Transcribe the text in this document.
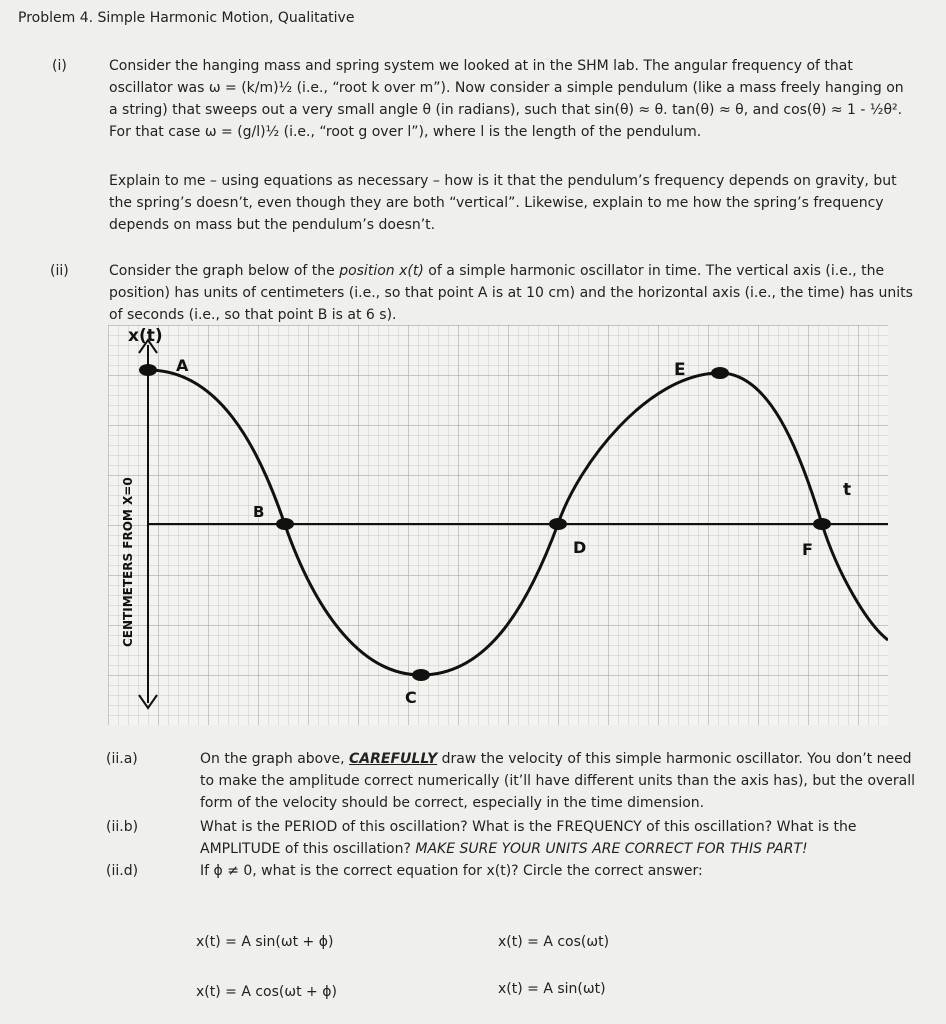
Problem 4. Simple Harmonic Motion, Qualitative
(i)	Consider the hanging mass and spring system we looked at in the SHM lab. The angular frequency of that oscillator was ω = (k/m)½ (i.e., “root k over m”). Now consider a simple pendulum (like a mass freely hanging on a string) that sweeps out a very small angle θ (in radians), such that sin(θ) ≈ θ. tan(θ) ≈ θ, and cos(θ) ≈ 1 - ½θ². For that case ω = (g/l)½ (i.e., “root g over l”), where l is the length of the pendulum.
Explain to me – using equations as necessary – how is it that the pendulum’s frequency depends on gravity, but the spring’s doesn’t, even though they are both “vertical”. Likewise, explain to me how the spring’s frequency depends on mass but the pendulum’s doesn’t.
(ii)	Consider the graph below of the position x(t) of a simple harmonic oscillator in time. The vertical axis (i.e., the position) has units of centimeters (i.e., so that point A is at 10 cm) and the horizontal axis (i.e., the time) has units of seconds (i.e., so that point B is at 6 s).
x(t)
A
B
C
D
E
F
t
CENTIMETERS FROM X=0
(ii.a)	On the graph above, CAREFULLY draw the velocity of this simple harmonic oscillator. You don’t need to make the amplitude correct numerically (it’ll have different units than the axis has), but the overall form of the velocity should be correct, especially in the time dimension.
(ii.b)	What is the PERIOD of this oscillation? What is the FREQUENCY of this oscillation? What is the AMPLITUDE of this oscillation? MAKE SURE YOUR UNITS ARE CORRECT FOR THIS PART!
(ii.d)	If ϕ ≠ 0, what is the correct equation for x(t)? Circle the correct answer:
x(t) = A sin(ωt + ϕ)	x(t) = A cos(ωt)
x(t) = A cos(ωt + ϕ)	x(t) = A sin(ωt)
